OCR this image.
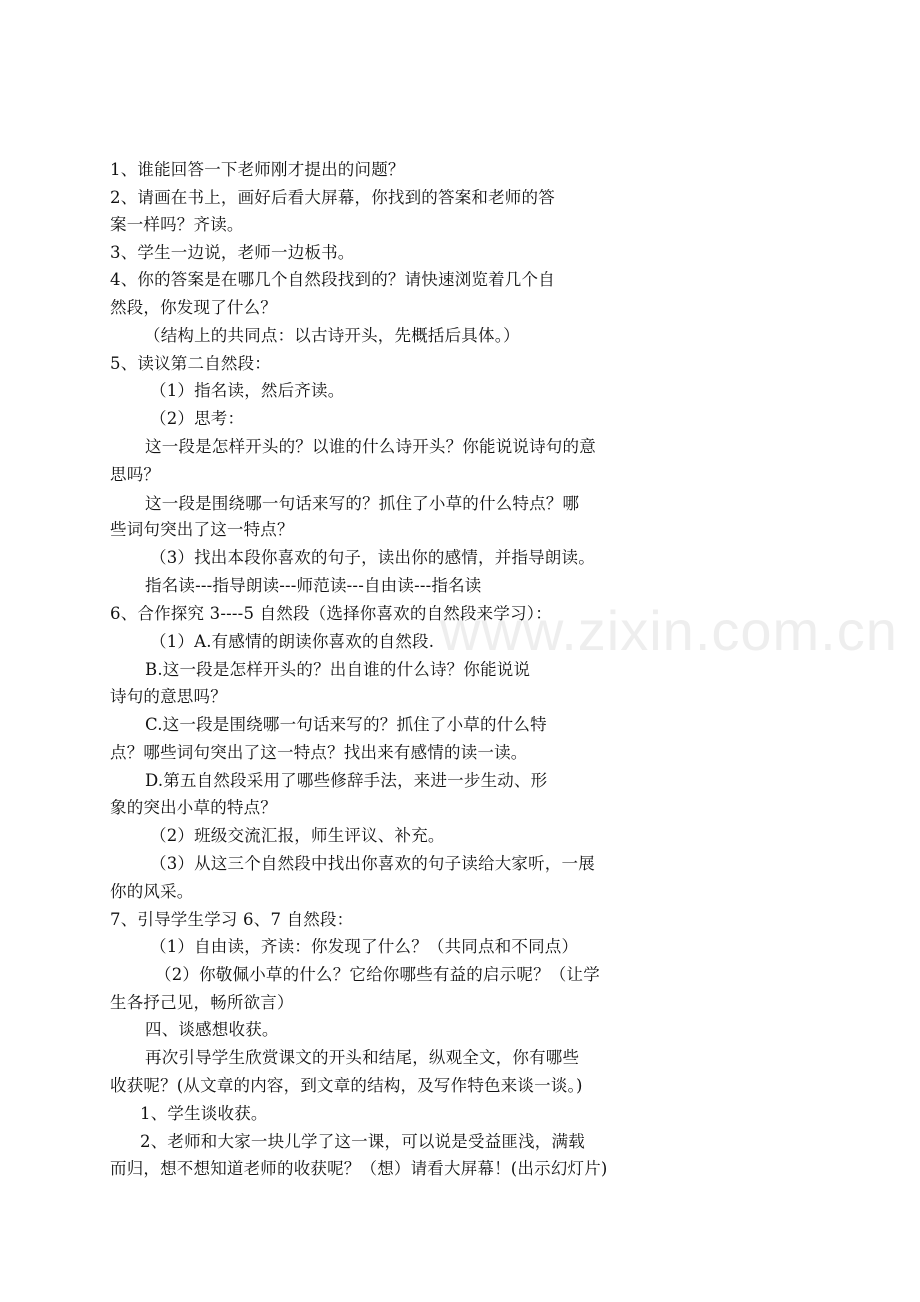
www.zixin.com.cn
1、谁能回答一下老师刚才提出的问题？
2、请画在书上，画好后看大屏幕，你找到的答案和老师的答
案一样吗？齐读。
3、学生一边说，老师一边板书。
4、你的答案是在哪几个自然段找到的？请快速浏览着几个自
然段，你发现了什么？
（结构上的共同点：以古诗开头，先概括后具体。）
5、读议第二自然段：
（1）指名读，然后齐读。
（2）思考：
这一段是怎样开头的？以谁的什么诗开头？你能说说诗句的意
思吗？
这一段是围绕哪一句话来写的？抓住了小草的什么特点？哪
些词句突出了这一特点？
（3）找出本段你喜欢的句子，读出你的感情，并指导朗读。
指名读---指导朗读---师范读---自由读---指名读
6、合作探究 3----5 自然段（选择你喜欢的自然段来学习）：
（1）A.有感情的朗读你喜欢的自然段.
B.这一段是怎样开头的？出自谁的什么诗？你能说说
诗句的意思吗？
C.这一段是围绕哪一句话来写的？抓住了小草的什么特
点？哪些词句突出了这一特点？找出来有感情的读一读。
D.第五自然段采用了哪些修辞手法，来进一步生动、形
象的突出小草的特点？
（2）班级交流汇报，师生评议、补充。
（3）从这三个自然段中找出你喜欢的句子读给大家听，一展
你的风采。
7、引导学生学习 6、7 自然段：
（1）自由读，齐读：你发现了什么？（共同点和不同点）
（2）你敬佩小草的什么？它给你哪些有益的启示呢？（让学
生各抒己见，畅所欲言）
四、谈感想收获。
再次引导学生欣赏课文的开头和结尾，纵观全文，你有哪些
收获呢？(从文章的内容，到文章的结构，及写作特色来谈一谈。)
1、学生谈收获。
2、老师和大家一块儿学了这一课，可以说是受益匪浅，满载
而归，想不想知道老师的收获呢？（想）请看大屏幕！(出示幻灯片)
